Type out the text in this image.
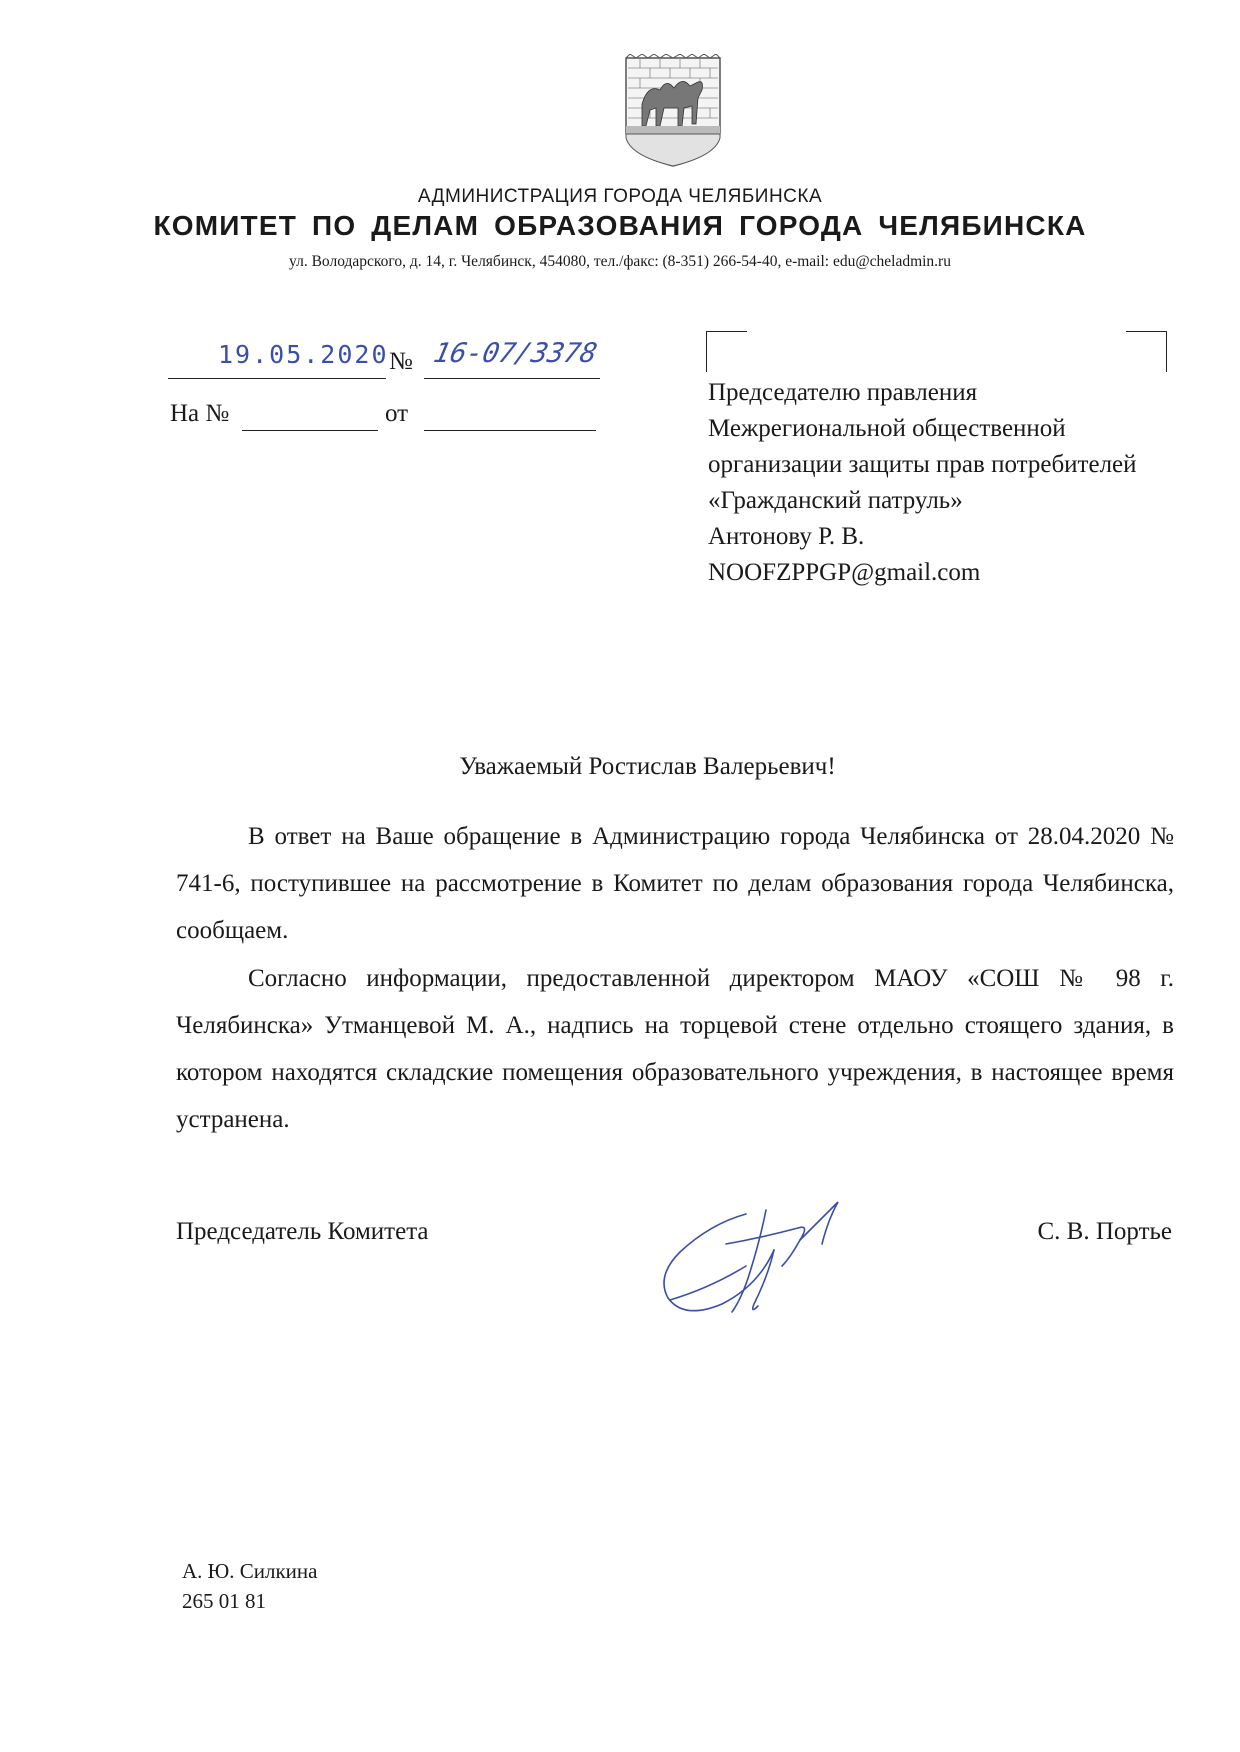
АДМИНИСТРАЦИЯ ГОРОДА ЧЕЛЯБИНСКА
КОМИТЕТ ПО ДЕЛАМ ОБРАЗОВАНИЯ ГОРОДА ЧЕЛЯБИНСКА
ул. Володарского, д. 14, г. Челябинск, 454080, тел./факс: (8-351) 266-54-40, e-mail: edu@cheladmin.ru
19.05.2020 № 16-07/3378
На №	от
Председателю правления
Межрегиональной общественной
организации защиты прав потребителей
«Гражданский патруль»
Антонову Р. В.
NOOFZPPGP@gmail.com
Уважаемый Ростислав Валерьевич!
В ответ на Ваше обращение в Администрацию города Челябинска от 28.04.2020 № 741-6, поступившее на рассмотрение в Комитет по делам образования города Челябинска, сообщаем.
Согласно информации, предоставленной директором МАОУ «СОШ № 98 г. Челябинска» Утманцевой М. А., надпись на торцевой стене отдельно стоящего здания, в котором находятся складские помещения образовательного учреждения, в настоящее время устранена.
Председатель Комитета	С. В. Портье
А. Ю. Силкина
265 01 81
